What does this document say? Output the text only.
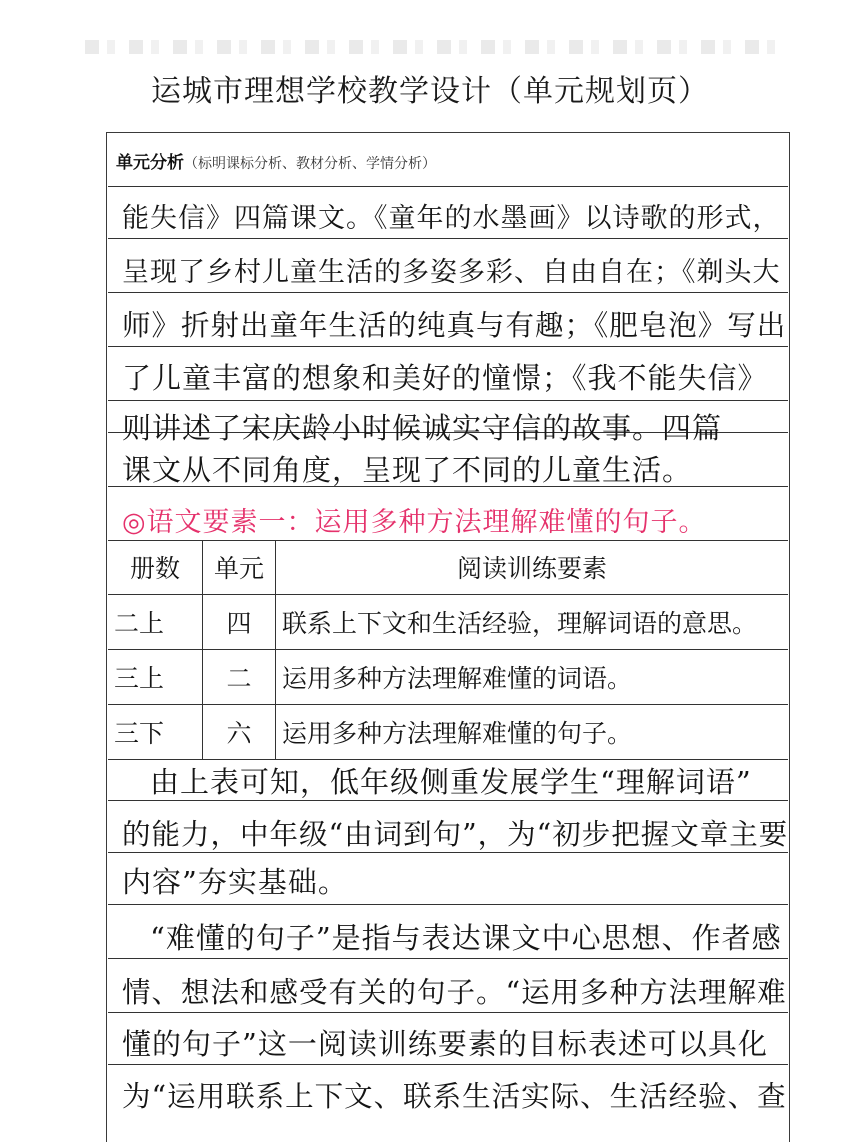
运城市理想学校教学设计（单元规划页）
单元分析（标明课标分析、教材分析、学情分析）
能失信》四篇课文。《童年的水墨画》以诗歌的形式，
呈现了乡村儿童生活的多姿多彩、自由自在；《剃头大
师》折射出童年生活的纯真与有趣；《肥皂泡》写出
了儿童丰富的想象和美好的憧憬；《我不能失信》
则讲述了宋庆龄小时候诚实守信的故事。四篇
课文从不同角度，呈现了不同的儿童生活。
◎语文要素一：运用多种方法理解难懂的句子。
册数	单元	阅读训练要素
二上	四	联系上下文和生活经验，理解词语的意思。
三上	二	运用多种方法理解难懂的词语。
三下	六	运用多种方法理解难懂的句子。
由上表可知，低年级侧重发展学生“理解词语”
的能力，中年级“由词到句”，为“初步把握文章主要
内容”夯实基础。
“难懂的句子”是指与表达课文中心思想、作者感
情、想法和感受有关的句子。“运用多种方法理解难
懂的句子”这一阅读训练要素的目标表述可以具化
为“运用联系上下文、联系生活实际、生活经验、查
